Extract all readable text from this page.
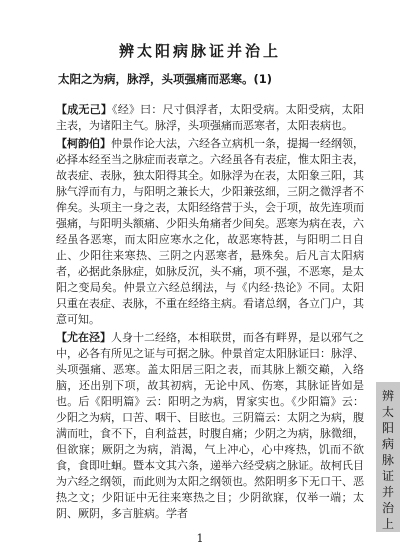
辨太阳病脉证并治上
太阳之为病，脉浮，头项强痛而恶寒。(1)

【成无己】《经》曰：尺寸俱浮者，太阳受病。太阳受病，太阳主表，为诸阳主气。脉浮，头项强痛而恶寒者，太阳表病也。

【柯韵伯】仲景作论大法，六经各立病机一条，提揭一经纲领，必择本经至当之脉症而表章之。六经虽各有表症，惟太阳主表，故表症、表脉，独太阳得其全。如脉浮为在表，太阳象三阳，其脉气浮而有力，与阳明之兼长大，少阳兼弦细，三阴之微浮者不侔矣。头项主一身之表，太阳经络营于头，会于项，故先连项而强痛，与阳明头额痛、少阳头角痛者少间矣。恶寒为病在表，六经虽各恶寒，而太阳应寒水之化，故恶寒特甚，与阳明二日自止、少阳往来寒热、三阴之内恶寒者，悬殊矣。后凡言太阳病者，必据此条脉症，如脉反沉，头不痛，项不强，不恶寒，是太阳之变局矣。仲景立六经总纲法，与《内经·热论》不同。太阳只重在表症、表脉，不重在经络主病。看诸总纲，各立门户，其意可知。

【尤在泾】人身十二经络，本相联贯，而各有畔界，是以邪气之中，必各有所见之证与可据之脉。仲景首定太阳脉证曰：脉浮、头项强痛、恶寒。盖太阳居三阳之表，而其脉上额交巅，入络脑，还出别下项，故其初病，无论中风、伤寒，其脉证皆如是也。后《阳明篇》云：阳明之为病，胃家实也。《少阳篇》云：少阳之为病，口苦、咽干、目眩也。三阴篇云：太阴之为病，腹满而吐，食不下，自利益甚，时腹自痛；少阴之为病，脉微细，但欲寐；厥阴之为病，消渴，气上冲心，心中疼热，饥而不欲食，食即吐蛔。暨本文其六条，递举六经受病之脉证。故柯氏目为六经之纲领，而此则为太阳之纲领也。然阳明多下无口干、恶热之文；少阳证中无往来寒热之目；少阴欲寐，仅举一端；太阴、厥阴，多言脏病。学者

辨太阳病脉证并治上
1
